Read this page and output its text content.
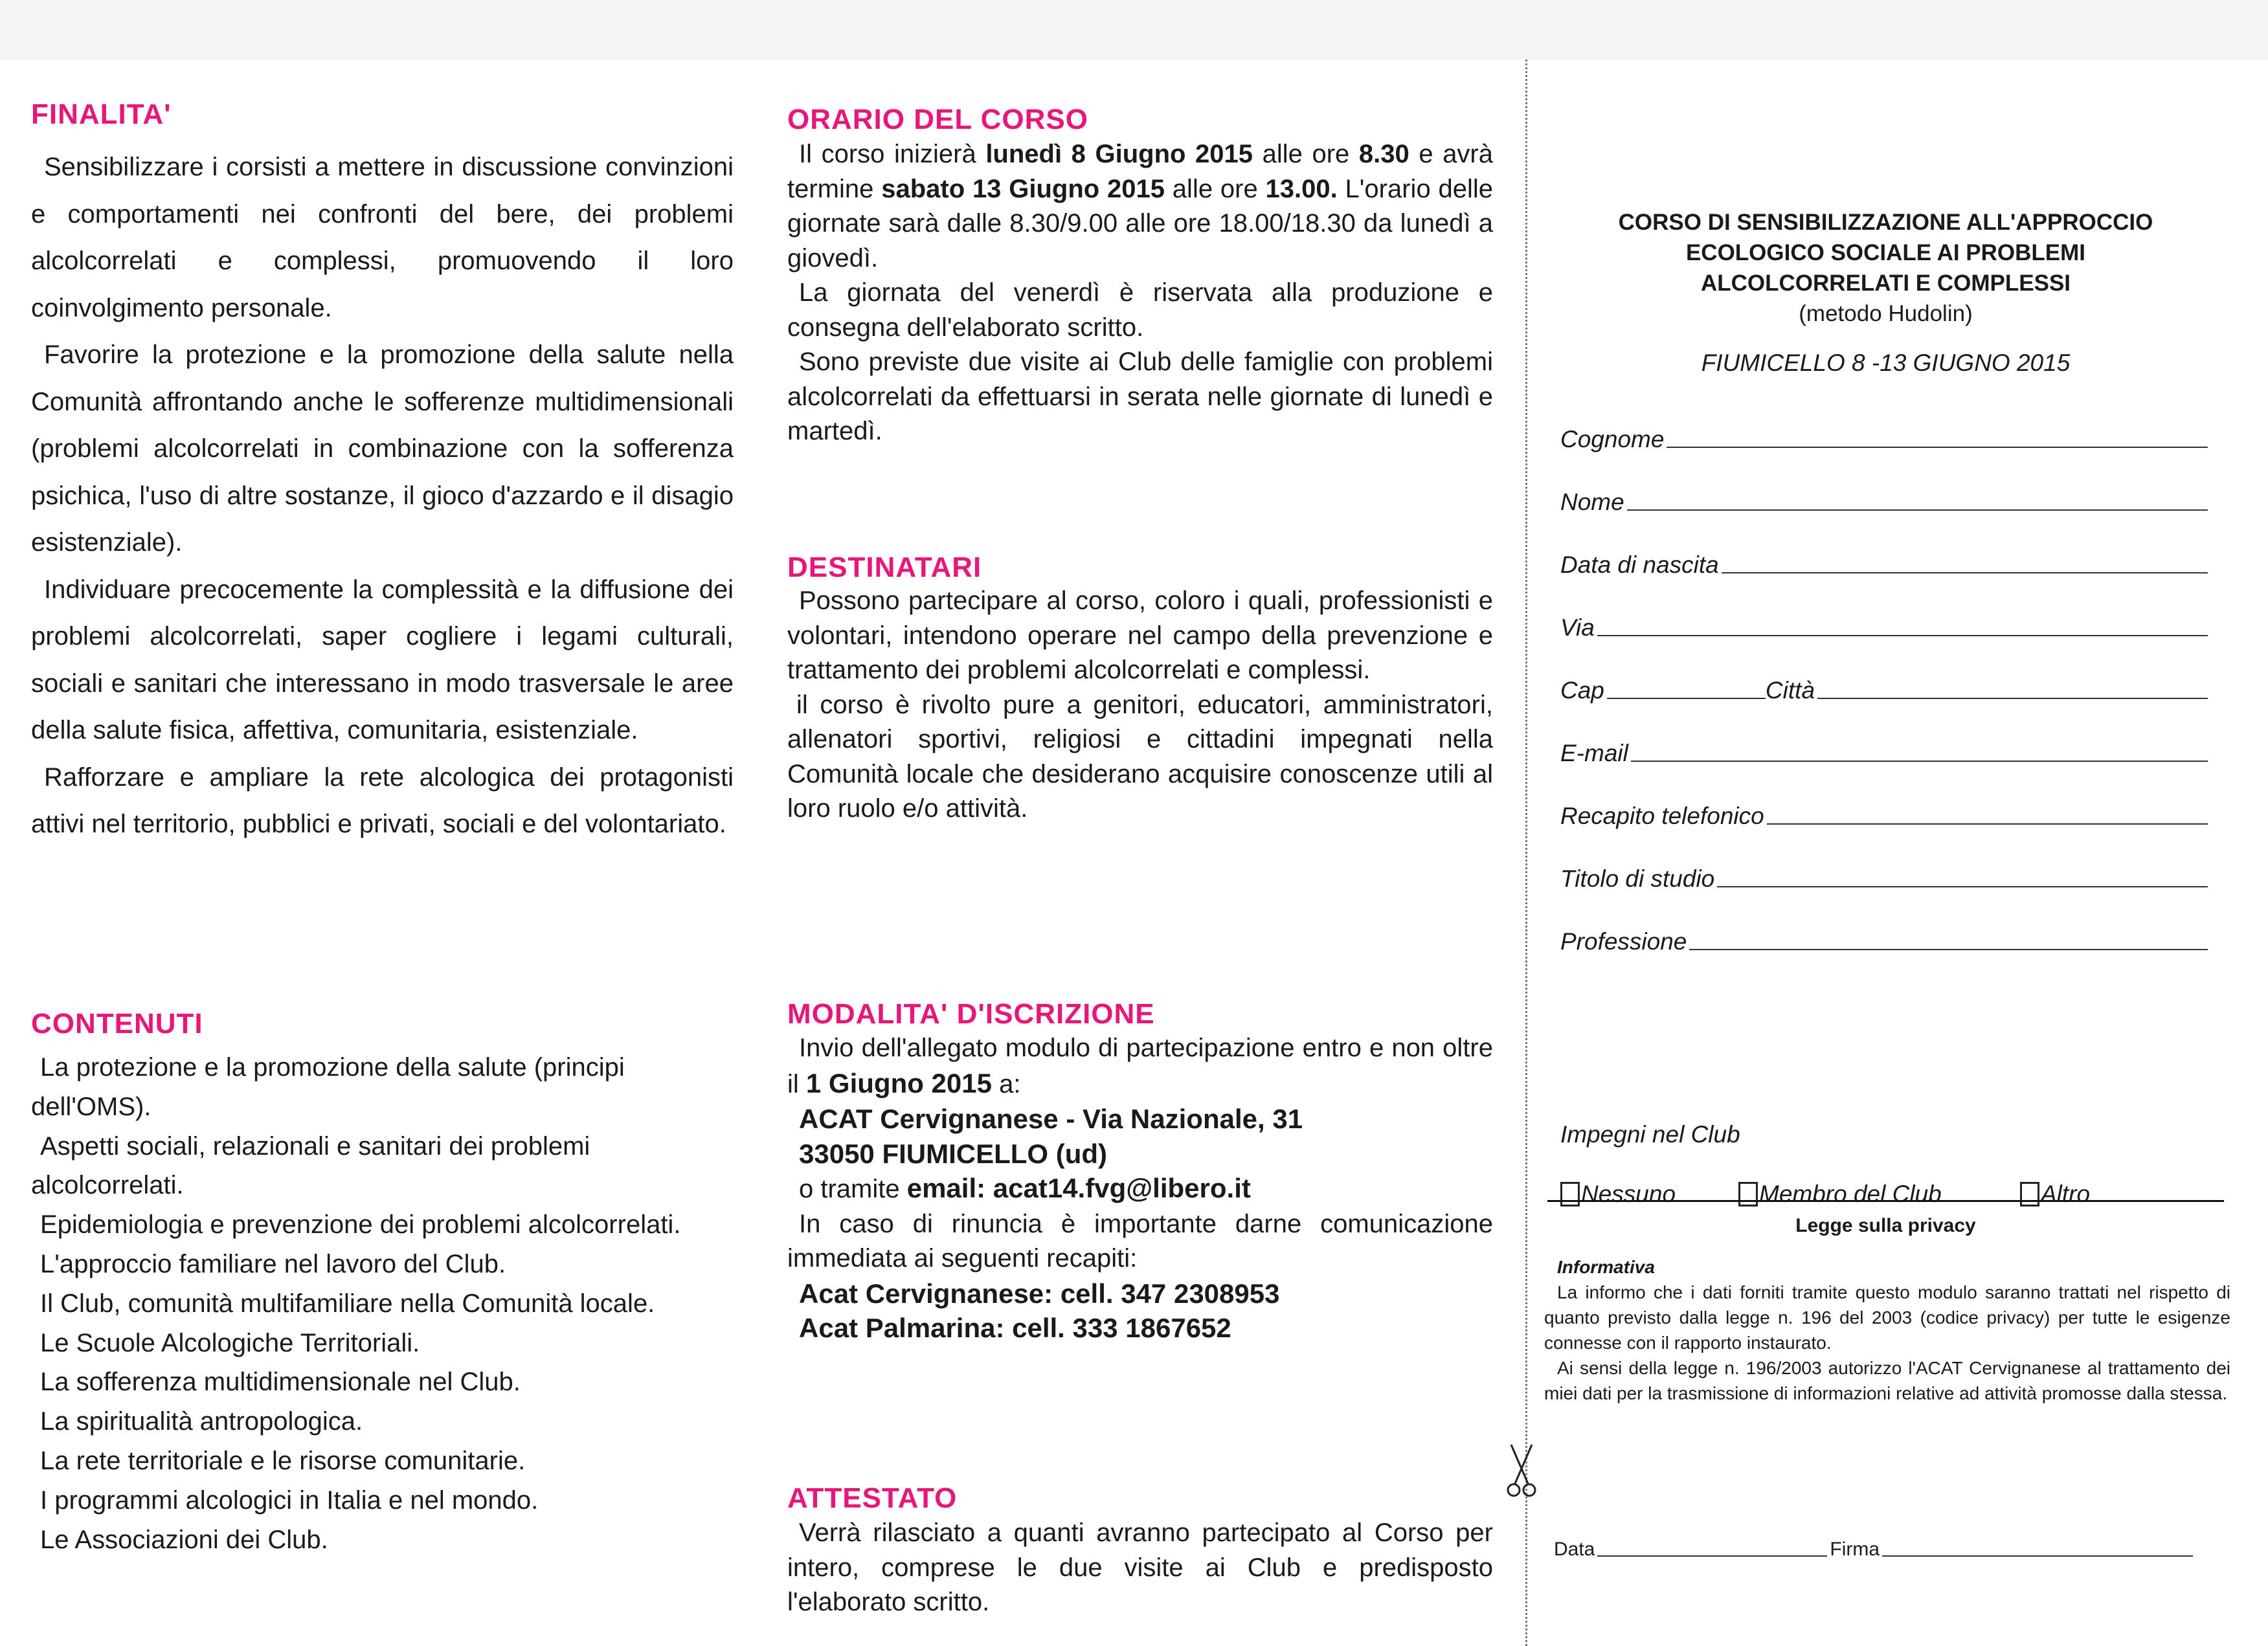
FINALITA'
Sensibilizzare i corsisti a mettere in discussione convinzioni e comportamenti nei confronti del bere, dei problemi alcolcorrelati e complessi, promuovendo il loro coinvolgimento personale.
Favorire la protezione e la promozione della salute nella Comunità affrontando anche le sofferenze multidimensionali (problemi alcolcorrelati in combinazione con la sofferenza psichica, l'uso di altre sostanze, il gioco d'azzardo e il disagio esistenziale).
Individuare precocemente la complessità e la diffusione dei problemi alcolcorrelati, saper cogliere i legami culturali, sociali e sanitari che interessano in modo trasversale le aree della salute fisica, affettiva, comunitaria, esistenziale.
Rafforzare e ampliare la rete alcologica dei protagonisti attivi nel territorio, pubblici e privati, sociali e del volontariato.
CONTENUTI
La protezione e la promozione della salute (principi dell'OMS).
Aspetti sociali, relazionali e sanitari dei problemi alcolcorrelati.
Epidemiologia e prevenzione dei problemi alcolcorrelati.
L'approccio familiare nel lavoro del Club.
Il Club, comunità multifamiliare nella Comunità locale.
Le Scuole Alcologiche Territoriali.
La sofferenza multidimensionale nel Club.
La spiritualità antropologica.
La rete territoriale e le risorse comunitarie.
I programmi alcologici in Italia e nel mondo.
Le Associazioni dei Club.
ORARIO DEL CORSO
Il corso inizierà lunedì 8 Giugno 2015 alle ore 8.30 e avrà termine sabato 13 Giugno 2015 alle ore 13.00. L'orario delle giornate sarà dalle 8.30/9.00 alle ore 18.00/18.30 da lunedì a giovedì.
La giornata del venerdì è riservata alla produzione e consegna dell'elaborato scritto.
Sono previste due visite ai Club delle famiglie con problemi alcolcorrelati da effettuarsi in serata nelle giornate di lunedì e martedì.
DESTINATARI
Possono partecipare al corso, coloro i quali, professionisti e volontari, intendono operare nel campo della prevenzione e trattamento dei problemi alcolcorrelati e complessi.
il corso è rivolto pure a genitori, educatori, amministratori, allenatori sportivi, religiosi e cittadini impegnati nella Comunità locale che desiderano acquisire conoscenze utili al loro ruolo e/o attività.
MODALITA' D'ISCRIZIONE
Invio dell'allegato modulo di partecipazione entro e non oltre il 1 Giugno 2015 a:
ACAT Cervignanese - Via Nazionale, 31
33050 FIUMICELLO (ud)
o tramite email: acat14.fvg@libero.it
In caso di rinuncia è importante darne comunicazione immediata ai seguenti recapiti:
Acat Cervignanese: cell. 347 2308953
Acat Palmarina: cell. 333 1867652
ATTESTATO
Verrà rilasciato a quanti avranno partecipato al Corso per intero, comprese le due visite ai Club e predisposto l'elaborato scritto.
CORSO DI SENSIBILIZZAZIONE ALL'APPROCCIO
ECOLOGICO SOCIALE AI PROBLEMI
ALCOLCORRELATI E COMPLESSI
(metodo Hudolin)
FIUMICELLO 8 -13 GIUGNO 2015
Cognome
Nome
Data di nascita
Via
Cap	Città
E-mail
Recapito telefonico
Titolo di studio
Professione
Impegni nel Club
Nessuno	Membro del Club	Altro
Legge sulla privacy
Informativa
La informo che i dati forniti tramite questo modulo saranno trattati nel rispetto di quanto previsto dalla legge n. 196 del 2003 (codice privacy) per tutte le esigenze connesse con il rapporto instaurato.
Ai sensi della legge n. 196/2003 autorizzo l'ACAT Cervignanese al trattamento dei miei dati per la trasmissione di informazioni relative ad attività promosse dalla stessa.
Data	Firma
